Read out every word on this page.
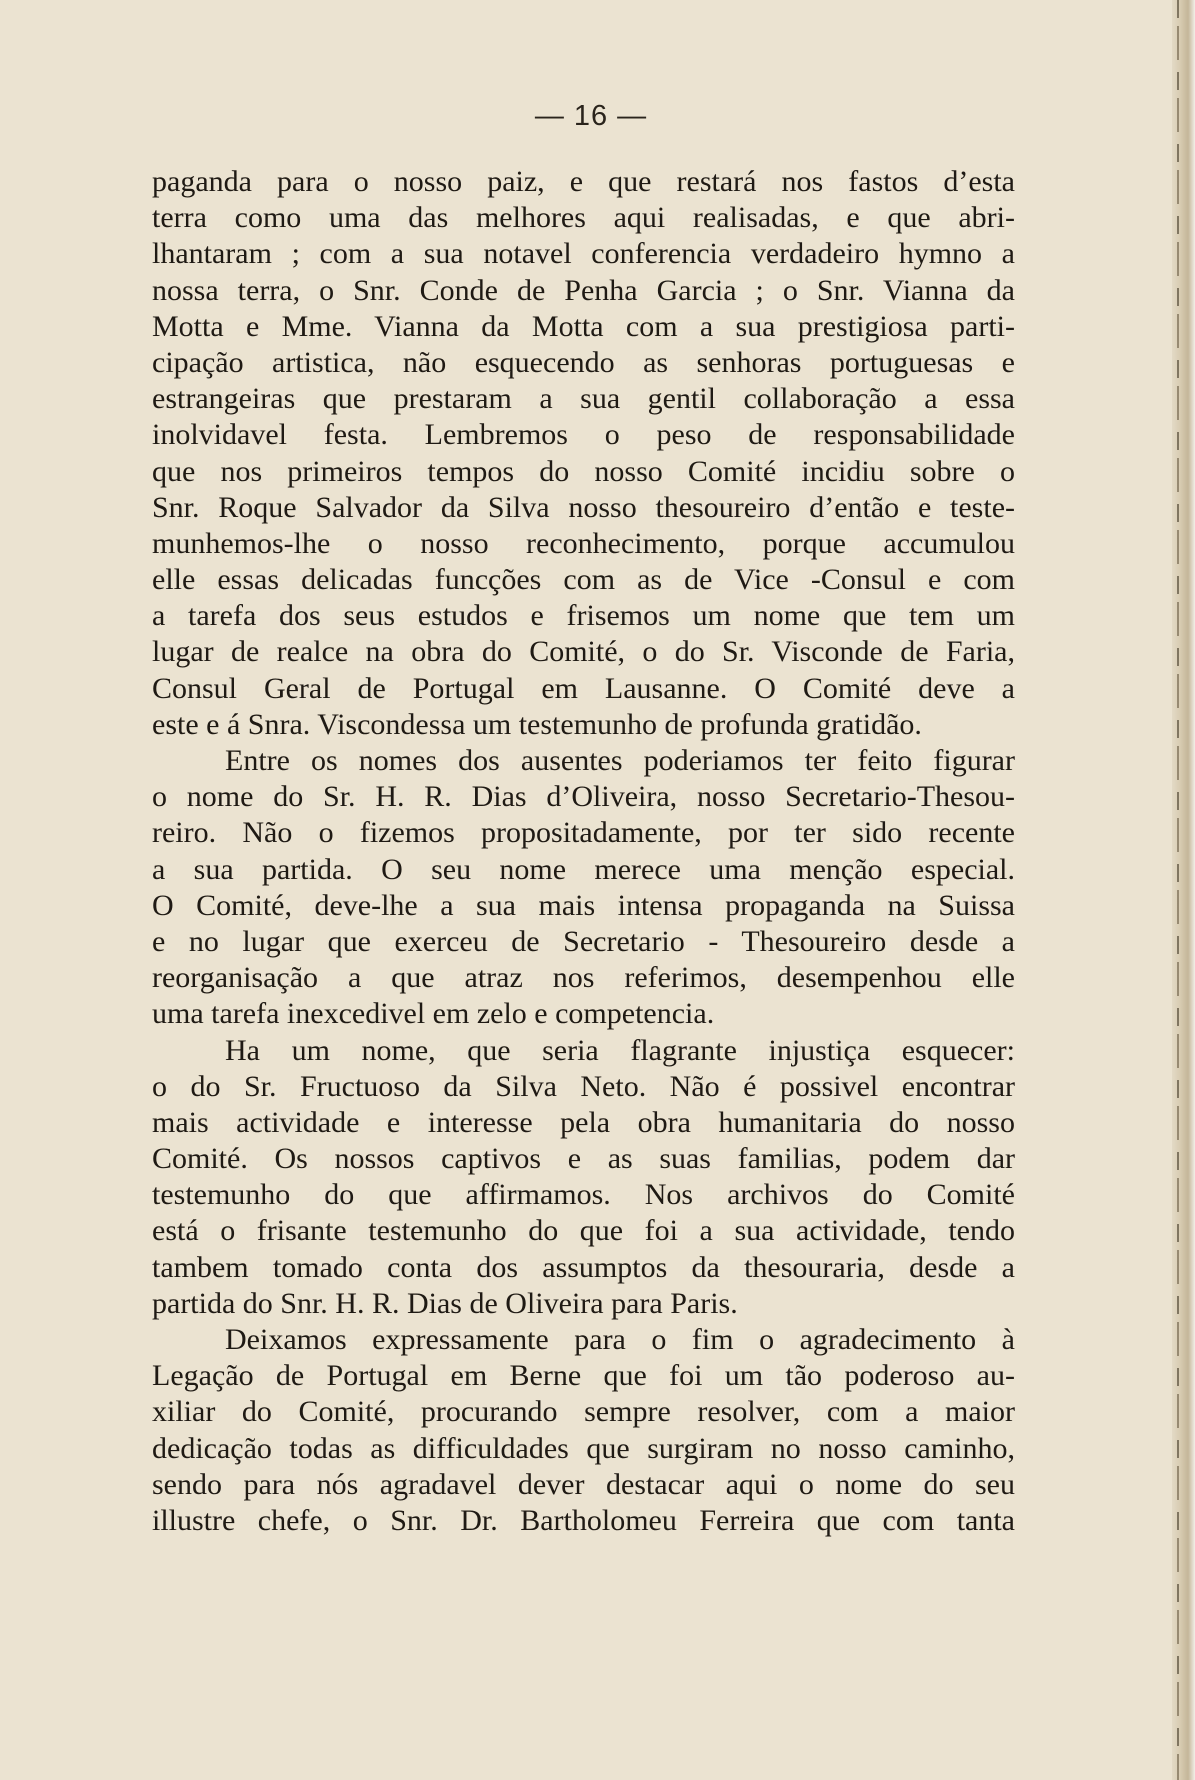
— 16 —
paganda para o nosso paiz, e que restará nos fastos d’esta
terra como uma das melhores aqui realisadas, e que abri-
lhantaram ; com a sua notavel conferencia verdadeiro hymno a
nossa terra, o Snr. Conde de Penha Garcia ; o Snr. Vianna da
Motta e Mme. Vianna da Motta com a sua prestigiosa parti-
cipação artistica, não esquecendo as senhoras portuguesas e
estrangeiras que prestaram a sua gentil collaboração a essa
inolvidavel festa. Lembremos o peso de responsabilidade
que nos primeiros tempos do nosso Comité incidiu sobre o
Snr. Roque Salvador da Silva nosso thesoureiro d’então e teste-
munhemos-lhe o nosso reconhecimento, porque accumulou
elle essas delicadas funcções com as de Vice -Consul e com
a tarefa dos seus estudos e frisemos um nome que tem um
lugar de realce na obra do Comité, o do Sr. Visconde de Faria,
Consul Geral de Portugal em Lausanne. O Comité deve a
este e á Snra. Viscondessa um testemunho de profunda gratidão.
Entre os nomes dos ausentes poderiamos ter feito figurar
o nome do Sr. H. R. Dias d’Oliveira, nosso Secretario-Thesou-
reiro. Não o fizemos propositadamente, por ter sido recente
a sua partida. O seu nome merece uma menção especial.
O Comité, deve-lhe a sua mais intensa propaganda na Suissa
e no lugar que exerceu de Secretario - Thesoureiro desde a
reorganisação a que atraz nos referimos, desempenhou elle
uma tarefa inexcedivel em zelo e competencia.
Ha um nome, que seria flagrante injustiça esquecer:
o do Sr. Fructuoso da Silva Neto. Não é possivel encontrar
mais actividade e interesse pela obra humanitaria do nosso
Comité. Os nossos captivos e as suas familias, podem dar
testemunho do que affirmamos. Nos archivos do Comité
está o frisante testemunho do que foi a sua actividade, tendo
tambem tomado conta dos assumptos da thesouraria, desde a
partida do Snr. H. R. Dias de Oliveira para Paris.
Deixamos expressamente para o fim o agradecimento à
Legação de Portugal em Berne que foi um tão poderoso au-
xiliar do Comité, procurando sempre resolver, com a maior
dedicação todas as difficuldades que surgiram no nosso caminho,
sendo para nós agradavel dever destacar aqui o nome do seu
illustre chefe, o Snr. Dr. Bartholomeu Ferreira que com tanta
